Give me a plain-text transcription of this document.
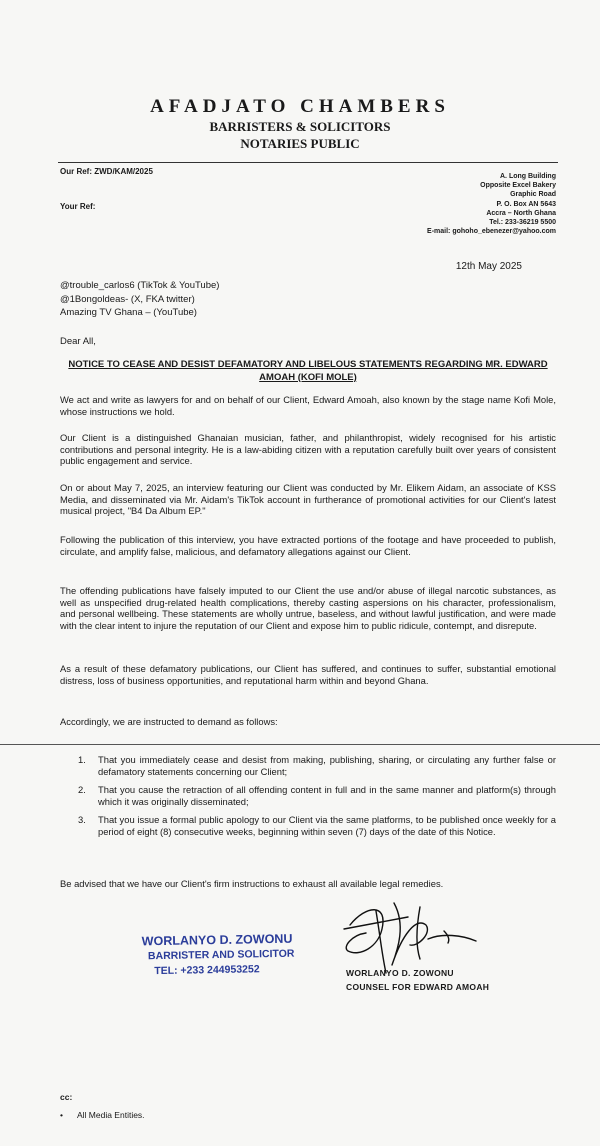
AFADJATO CHAMBERS
BARRISTERS & SOLICITORS
NOTARIES PUBLIC
Our Ref: ZWD/KAM/2025
Your Ref:
A. Long Building
Opposite Excel Bakery
Graphic Road
P. O. Box AN 5643
Accra – North Ghana
Tel.: 233-36219 5500
E-mail: gohoho_ebenezer@yahoo.com
12th May 2025
@trouble_carlos6 (TikTok & YouTube)
@1Bongoldeas- (X, FKA twitter)
Amazing TV Ghana – (YouTube)
Dear All,
NOTICE TO CEASE AND DESIST DEFAMATORY AND LIBELOUS STATEMENTS REGARDING MR. EDWARD AMOAH (KOFI MOLE)
We act and write as lawyers for and on behalf of our Client, Edward Amoah, also known by the stage name Kofi Mole, whose instructions we hold.
Our Client is a distinguished Ghanaian musician, father, and philanthropist, widely recognised for his artistic contributions and personal integrity. He is a law-abiding citizen with a reputation carefully built over years of consistent public engagement and service.
On or about May 7, 2025, an interview featuring our Client was conducted by Mr. Elikem Aidam, an associate of KSS Media, and disseminated via Mr. Aidam's TikTok account in furtherance of promotional activities for our Client's latest musical project, "B4 Da Album EP."
Following the publication of this interview, you have extracted portions of the footage and have proceeded to publish, circulate, and amplify false, malicious, and defamatory allegations against our Client.
The offending publications have falsely imputed to our Client the use and/or abuse of illegal narcotic substances, as well as unspecified drug-related health complications, thereby casting aspersions on his character, professionalism, and personal wellbeing. These statements are wholly untrue, baseless, and without lawful justification, and were made with the clear intent to injure the reputation of our Client and expose him to public ridicule, contempt, and disrepute.
As a result of these defamatory publications, our Client has suffered, and continues to suffer, substantial emotional distress, loss of business opportunities, and reputational harm within and beyond Ghana.
Accordingly, we are instructed to demand as follows:
1. That you immediately cease and desist from making, publishing, sharing, or circulating any further false or defamatory statements concerning our Client;
2. That you cause the retraction of all offending content in full and in the same manner and platform(s) through which it was originally disseminated;
3. That you issue a formal public apology to our Client via the same platforms, to be published once weekly for a period of eight (8) consecutive weeks, beginning within seven (7) days of the date of this Notice.
Be advised that we have our Client's firm instructions to exhaust all available legal remedies.
WORLANYO D. ZOWONU
BARRISTER AND SOLICITOR
TEL: +233 244953252	WORLANYO D. ZOWONU
COUNSEL FOR EDWARD AMOAH
cc:
• All Media Entities.
